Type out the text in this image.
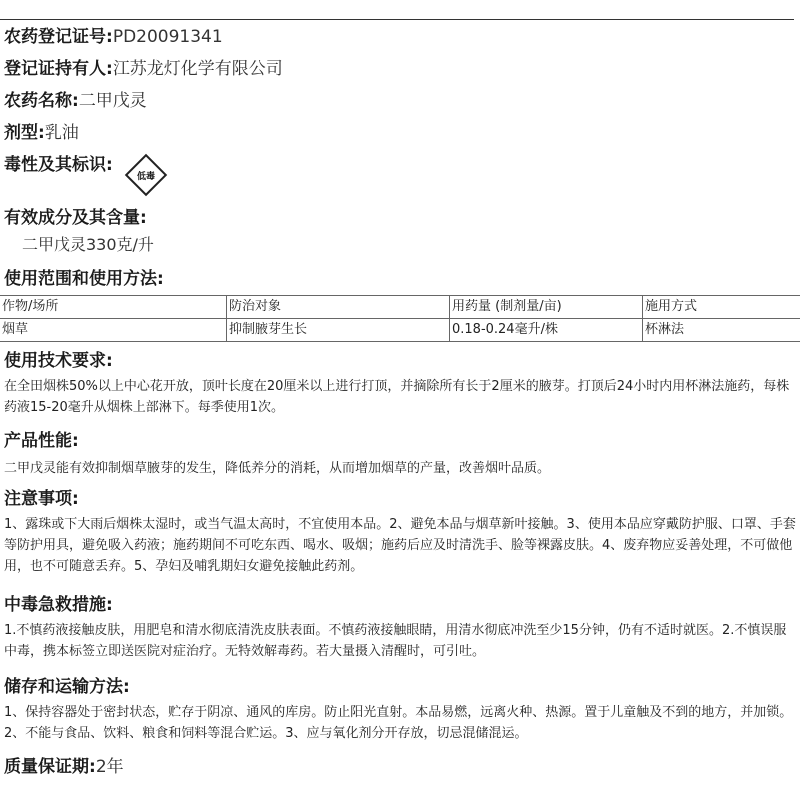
农药登记证号:PD20091341
登记证持有人:江苏龙灯化学有限公司
农药名称:二甲戊灵
剂型:乳油
毒性及其标识:
低毒
有效成分及其含量:
二甲戊灵330克/升
使用范围和使用方法:
作物/场所	防治对象	用药量 (制剂量/亩)	施用方式
烟草	抑制腋芽生长	0.18-0.24毫升/株	杯淋法
使用技术要求:
在全田烟株50%以上中心花开放，顶叶长度在20厘米以上进行打顶，并摘除所有长于2厘米的腋芽。打顶后24小时内用杯淋法施药，每株药液15-20毫升从烟株上部淋下。每季使用1次。
产品性能:
二甲戊灵能有效抑制烟草腋芽的发生，降低养分的消耗，从而增加烟草的产量，改善烟叶品质。
注意事项:
1、露珠或下大雨后烟株太湿时，或当气温太高时，不宜使用本品。2、避免本品与烟草新叶接触。3、使用本品应穿戴防护服、口罩、手套等防护用具，避免吸入药液；施药期间不可吃东西、喝水、吸烟；施药后应及时清洗手、脸等裸露皮肤。4、废弃物应妥善处理，不可做他用，也不可随意丢弃。5、孕妇及哺乳期妇女避免接触此药剂。
中毒急救措施:
1.不慎药液接触皮肤，用肥皂和清水彻底清洗皮肤表面。不慎药液接触眼睛，用清水彻底冲洗至少15分钟，仍有不适时就医。2.不慎误服中毒，携本标签立即送医院对症治疗。无特效解毒药。若大量摄入清醒时，可引吐。
储存和运输方法:
1、保持容器处于密封状态，贮存于阴凉、通风的库房。防止阳光直射。本品易燃，远离火种、热源。置于儿童触及不到的地方，并加锁。2、不能与食品、饮料、粮食和饲料等混合贮运。3、应与氧化剂分开存放，切忌混储混运。
质量保证期:2年
